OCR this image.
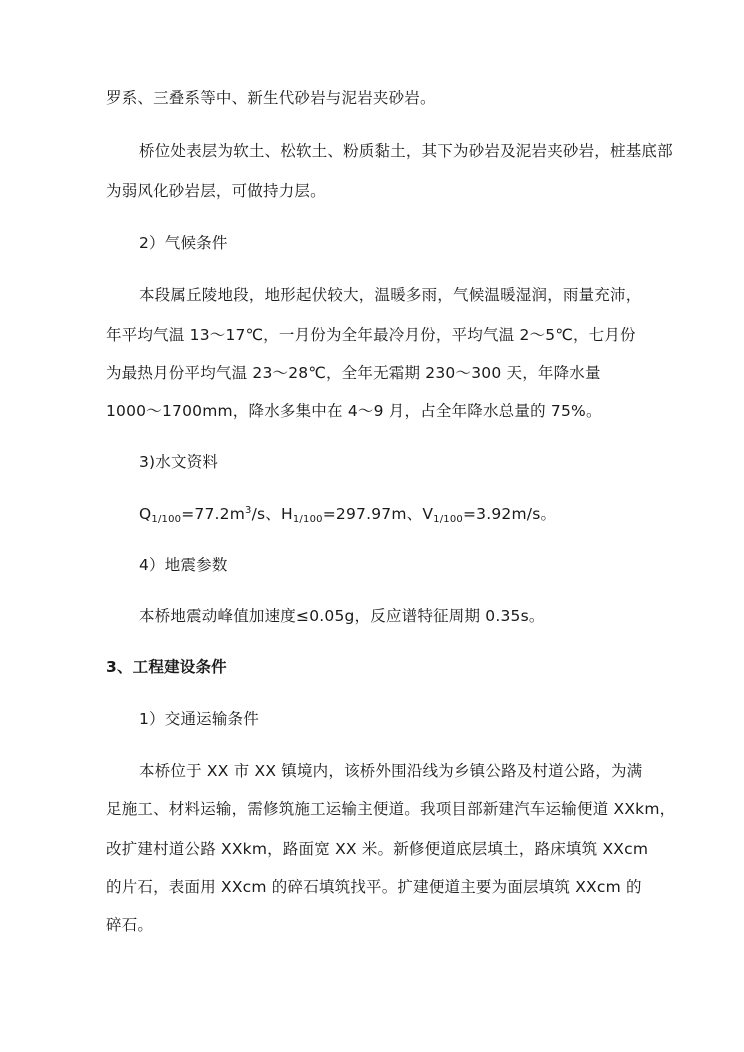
罗系、三叠系等中、新生代砂岩与泥岩夹砂岩。
桥位处表层为软土、松软土、粉质黏土，其下为砂岩及泥岩夹砂岩，桩基底部
为弱风化砂岩层，可做持力层。
2）气候条件
本段属丘陵地段，地形起伏较大，温暖多雨，气候温暖湿润，雨量充沛，
年平均气温 13～17℃，一月份为全年最冷月份，平均气温 2～5℃，七月份
为最热月份平均气温 23～28℃，全年无霜期 230～300 天，年降水量
1000～1700mm，降水多集中在 4～9 月，占全年降水总量的 75%。
3)水文资料
$Q_{1/100}=77.2m^3/s$、$H_{1/100}=297.97m$、$V_{1/100}=3.92m/s$。
4）地震参数
本桥地震动峰值加速度≤0.05g，反应谱特征周期 0.35s。
3、工程建设条件
1）交通运输条件
本桥位于 XX 市 XX 镇境内，该桥外围沿线为乡镇公路及村道公路，为满
足施工、材料运输，需修筑施工运输主便道。我项目部新建汽车运输便道 XXkm，
改扩建村道公路 XXkm，路面宽 XX 米。新修便道底层填土，路床填筑 XXcm
的片石，表面用 XXcm 的碎石填筑找平。扩建便道主要为面层填筑 XXcm 的
碎石。
